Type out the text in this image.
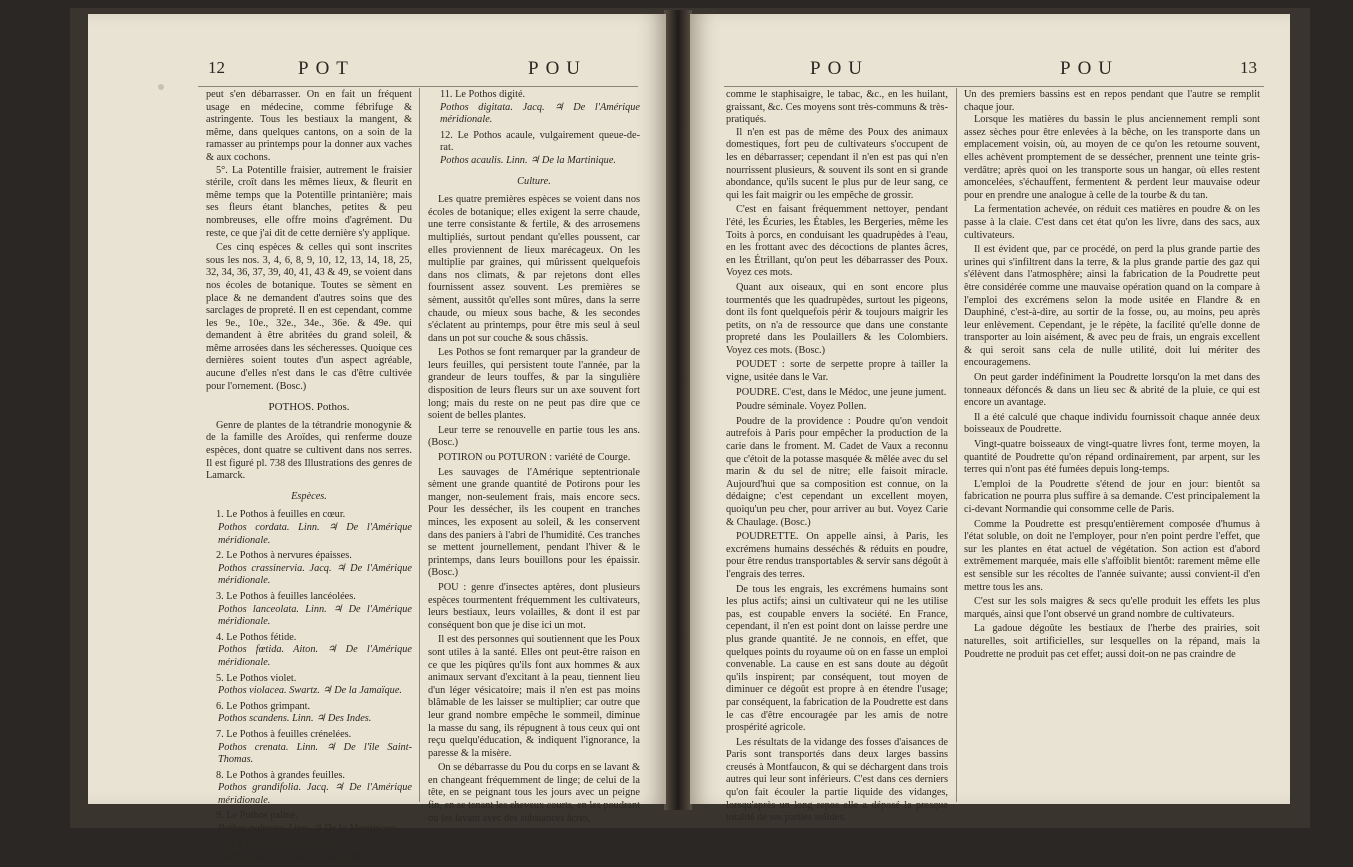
12	POT	POU

peut s'en débarrasser. On en fait un fréquent usage en médecine, comme fébrifuge & astringente. Tous les bestiaux la mangent, & même, dans quelques cantons, on a soin de la ramasser au printemps pour la donner aux vaches & aux cochons.

5°. La Potentille fraisier, autrement le fraisier stérile, croît dans les mêmes lieux, & fleurit en même temps que la Potentille printanière; mais ses fleurs étant blanches, petites & peu nombreuses, elle offre moins d'agrément. Du reste, ce que j'ai dit de cette dernière s'y applique.

Ces cinq espèces & celles qui sont inscrites sous les nos. 3, 4, 6, 8, 9, 10, 12, 13, 14, 18, 25, 32, 34, 36, 37, 39, 40, 41, 43 & 49, se voient dans nos écoles de botanique. Toutes se sèment en place & ne demandent d'autres soins que des sarclages de propreté. Il en est cependant, comme les 9e., 10e., 32e., 34e., 36e. & 49e. qui demandent à être abritées du grand soleil, & même arrosées dans les sécheresses. Quoique ces dernières soient toutes d'un aspect agréable, aucune d'elles n'est dans le cas d'être cultivée pour l'ornement. (Bosc.)

POTHOS. Pothos.

Genre de plantes de la tétrandrie monogynie & de la famille des Aroïdes, qui renferme douze espèces, dont quatre se cultivent dans nos serres. Il est figuré pl. 738 des Illustrations des genres de Lamarck.

Espèces.

1. Le Pothos à feuilles en cœur.

Pothos cordata. Linn. ♃ De l'Amérique méridionale.

2. Le Pothos à nervures épaisses.

Pothos crassinervia. Jacq. ♃ De l'Amérique méridionale.

3. Le Pothos à feuilles lancéolées.

Pothos lanceolata. Linn. ♃ De l'Amérique méridionale.

4. Le Pothos fétide.

Pothos fœtida. Aiton. ♃ De l'Amérique méridionale.

5. Le Pothos violet.

Pothos violacea. Swartz. ♃ De la Jamaïque.

6. Le Pothos grimpant.

Pothos scandens. Linn. ♃ Des Indes.

7. Le Pothos à feuilles crénelées.

Pothos crenata. Linn. ♃ De l'île Saint-Thomas.

8. Le Pothos à grandes feuilles.

Pothos grandifolia. Jacq. ♃ De l'Amérique méridionale.

9. Le Pothos palmé.

Pothos palmata. Linn. ♃ De la Martinique.

10. Le Pothos à feuilles ailées.

Pothos pinnata. Linn. ♃ Des Indes.

11. Le Pothos digité.

Pothos digitata. Jacq. ♃ De l'Amérique méridionale.

12. Le Pothos acaule, vulgairement queue-de-rat.

Pothos acaulis. Linn. ♃ De la Martinique.

Culture.

Les quatre premières espèces se voient dans nos écoles de botanique; elles exigent la serre chaude, une terre consistante & fertile, & des arrosemens multipliés, surtout pendant qu'elles poussent, car elles proviennent de lieux marécageux. On les multiplie par graines, qui mûrissent quelquefois dans nos climats, & par rejetons dont elles fournissent assez souvent. Les premières se sèment, aussitôt qu'elles sont mûres, dans la serre chaude, ou mieux sous bache, & les secondes s'éclatent au printemps, pour être mis seul à seul dans un pot sur couche & sous châssis.

Les Pothos se font remarquer par la grandeur de leurs feuilles, qui persistent toute l'année, par la grandeur de leurs touffes, & par la singulière disposition de leurs fleurs sur un axe souvent fort long; mais du reste on ne peut pas dire que ce soient de belles plantes.

Leur terre se renouvelle en partie tous les ans. (Bosc.)

POTIRON ou POTURON : variété de Courge.

Les sauvages de l'Amérique septentrionale sèment une grande quantité de Potirons pour les manger, non-seulement frais, mais encore secs. Pour les dessécher, ils les coupent en tranches minces, les exposent au soleil, & les conservent dans des paniers à l'abri de l'humidité. Ces tranches se mettent journellement, pendant l'hiver & le printemps, dans leurs bouillons pour les épaissir. (Bosc.)

POU : genre d'insectes aptères, dont plusieurs espèces tourmentent fréquemment les cultivateurs, leurs bestiaux, leurs volailles, & dont il est par conséquent bon que je dise ici un mot.

Il est des personnes qui soutiennent que les Poux sont utiles à la santé. Elles ont peut-être raison en ce que les piqûres qu'ils font aux hommes & aux animaux servant d'excitant à la peau, tiennent lieu d'un léger vésicatoire; mais il n'en est pas moins blâmable de les laisser se multiplier; car outre que leur grand nombre empêche le sommeil, diminue la masse du sang, ils répugnent à tous ceux qui ont reçu quelqu'éducation, & indiquent l'ignorance, la paresse & la misère.

On se débarrasse du Pou du corps en se lavant & en changeant fréquemment de linge; de celui de la tête, en se peignant tous les jours avec un peigne fin, en se tenant les cheveux courts, en les poudrant ou les lavant avec des substances âcres,

POU	POU	13

comme le staphisaigre, le tabac, &c., en les huilant, graissant, &c. Ces moyens sont très-communs & très-pratiqués.

Il n'en est pas de même des Poux des animaux domestiques, fort peu de cultivateurs s'occupent de les en débarrasser; cependant il n'en est pas qui n'en nourrissent plusieurs, & souvent ils sont en si grande abondance, qu'ils sucent le plus pur de leur sang, ce qui les fait maigrir ou les empêche de grossir.

C'est en faisant fréquemment nettoyer, pendant l'été, les Écuries, les Étables, les Bergeries, même les Toits à porcs, en conduisant les quadrupèdes à l'eau, en les frottant avec des décoctions de plantes âcres, en les Étrillant, qu'on peut les débarrasser des Poux. Voyez ces mots.

Quant aux oiseaux, qui en sont encore plus tourmentés que les quadrupèdes, surtout les pigeons, dont ils font quelquefois périr & toujours maigrir les petits, on n'a de ressource que dans une constante propreté dans les Poulaillers & les Colombiers. Voyez ces mots. (Bosc.)

POUDET : sorte de serpette propre à tailler la vigne, usitée dans le Var.

POUDRE. C'est, dans le Médoc, une jeune jument.

Poudre séminale. Voyez Pollen.

Poudre de la providence : Poudre qu'on vendoit autrefois à Paris pour empêcher la production de la carie dans le froment. M. Cadet de Vaux a reconnu que c'étoit de la potasse masquée & mêlée avec du sel marin & du sel de nitre; elle faisoit miracle. Aujourd'hui que sa composition est connue, on la dédaigne; c'est cependant un excellent moyen, quoiqu'un peu cher, pour arriver au but. Voyez Carie & Chaulage. (Bosc.)

POUDRETTE. On appelle ainsi, à Paris, les excrémens humains desséchés & réduits en poudre, pour être rendus transportables & servir sans dégoût à l'engrais des terres.

De tous les engrais, les excrémens humains sont les plus actifs; ainsi un cultivateur qui ne les utilise pas, est coupable envers la société. En France, cependant, il n'en est point dont on laisse perdre une plus grande quantité. Je ne connois, en effet, que quelques points du royaume où on en fasse un emploi convenable. La cause en est sans doute au dégoût qu'ils inspirent; par conséquent, tout moyen de diminuer ce dégoût est propre à en étendre l'usage; par conséquent, la fabrication de la Poudrette est dans le cas d'être encouragée par les amis de notre prospérité agricole.

Les résultats de la vidange des fosses d'aisances de Paris sont transportés dans deux larges bassins creusés à Montfaucon, & qui se déchargent dans trois autres qui leur sont inférieurs. C'est dans ces derniers qu'on fait écouler la partie liquide des vidanges, lorsqu'après un long repos elle a déposé la presque totalité de ses parties solides.

Un des premiers bassins est en repos pendant que l'autre se remplit chaque jour.

Lorsque les matières du bassin le plus anciennement rempli sont assez sèches pour être enlevées à la bêche, on les transporte dans un emplacement voisin, où, au moyen de ce qu'on les retourne souvent, elles achèvent promptement de se dessécher, prennent une teinte gris-verdâtre; après quoi on les transporte sous un hangar, où elles restent amoncelées, s'échauffent, fermentent & perdent leur mauvaise odeur pour en prendre une analogue à celle de la tourbe & du tan.

La fermentation achevée, on réduit ces matières en poudre & on les passe à la claie. C'est dans cet état qu'on les livre, dans des sacs, aux cultivateurs.

Il est évident que, par ce procédé, on perd la plus grande partie des urines qui s'infiltrent dans la terre, & la plus grande partie des gaz qui s'élèvent dans l'atmosphère; ainsi la fabrication de la Poudrette peut être considérée comme une mauvaise opération quand on la compare à l'emploi des excrémens selon la mode usitée en Flandre & en Dauphiné, c'est-à-dire, au sortir de la fosse, ou, au moins, peu après leur enlèvement. Cependant, je le répète, la facilité qu'elle donne de transporter au loin aisément, & avec peu de frais, un engrais excellent & qui seroit sans cela de nulle utilité, doit lui mériter des encouragemens.

On peut garder indéfiniment la Poudrette lorsqu'on la met dans des tonneaux défoncés & dans un lieu sec & abrité de la pluie, ce qui est encore un avantage.

Il a été calculé que chaque individu fournissoit chaque année deux boisseaux de Poudrette.

Vingt-quatre boisseaux de vingt-quatre livres font, terme moyen, la quantité de Poudrette qu'on répand ordinairement, par arpent, sur les terres qui n'ont pas été fumées depuis long-temps.

L'emploi de la Poudrette s'étend de jour en jour: bientôt sa fabrication ne pourra plus suffire à sa demande. C'est principalement la ci-devant Normandie qui consomme celle de Paris.

Comme la Poudrette est presqu'entièrement composée d'humus à l'état soluble, on doit ne l'employer, pour n'en point perdre l'effet, que sur les plantes en état actuel de végétation. Son action est d'abord extrêmement marquée, mais elle s'affoiblit bientôt: rarement même elle est sensible sur les récoltes de l'année suivante; aussi convient-il d'en mettre tous les ans.

C'est sur les sols maigres & secs qu'elle produit les effets les plus marqués, ainsi que l'ont observé un grand nombre de cultivateurs.

La gadoue dégoûte les bestiaux de l'herbe des prairies, soit naturelles, soit artificielles, sur lesquelles on la répand, mais la Poudrette ne produit pas cet effet; aussi doit-on ne pas craindre de
